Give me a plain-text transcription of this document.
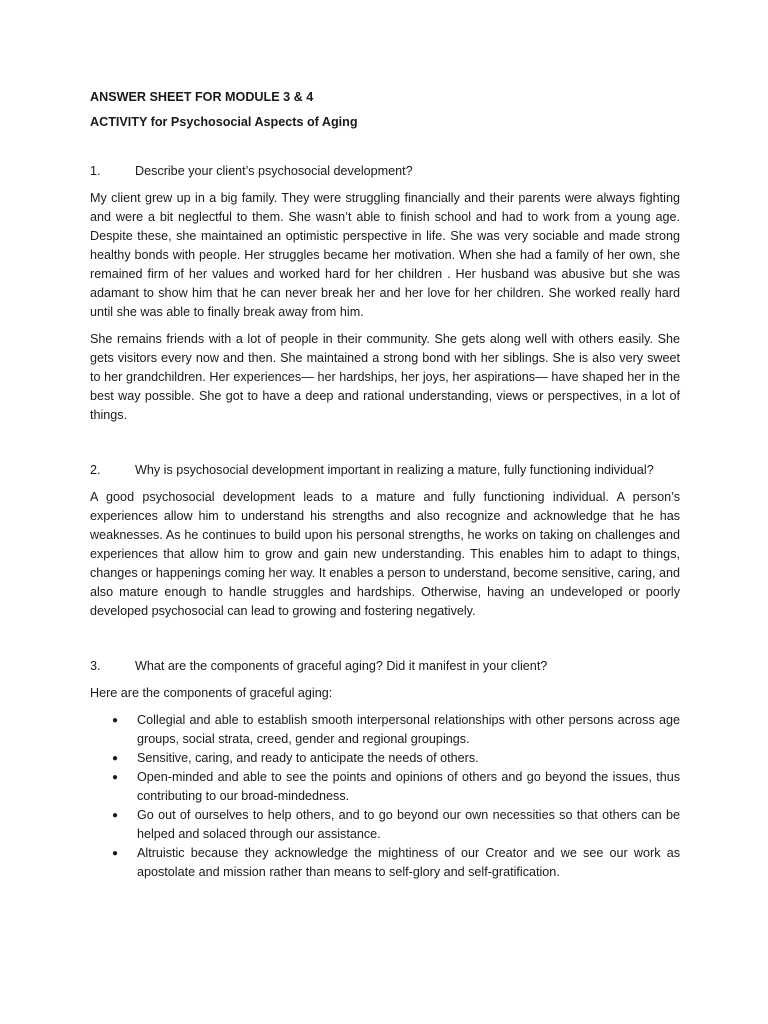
ANSWER SHEET FOR MODULE 3 & 4

ACTIVITY for Psychosocial Aspects of Aging

1.	Describe your client’s psychosocial development?

My client grew up in a big family. They were struggling financially and their parents were always fighting and were a bit neglectful to them. She wasn’t able to finish school and had to work from a young age. Despite these, she maintained an optimistic perspective in life. She was very sociable and made strong healthy bonds with people. Her struggles became her motivation. When she had a family of her own, she remained firm of her values and worked hard for her children . Her husband was abusive but she was adamant to show him that he can never break her and her love for her children. She worked really hard until she was able to finally break away from him.

She remains friends with a lot of people in their community. She gets along well with others easily. She gets visitors every now and then. She maintained a strong bond with her siblings. She is also very sweet to her grandchildren. Her experiences— her hardships, her joys, her aspirations— have shaped her in the best way possible. She got to have a deep and rational understanding, views or perspectives, in a lot of things.

2.	Why is psychosocial development important in realizing a mature, fully functioning individual?

A good psychosocial development leads to a mature and fully functioning individual. A person’s experiences allow him to understand his strengths and also recognize and acknowledge that he has weaknesses. As he continues to build upon his personal strengths, he works on taking on challenges and experiences that allow him to grow and gain new understanding. This enables him to adapt to things, changes or happenings coming her way. It enables a person to understand, become sensitive, caring, and also mature enough to handle struggles and hardships. Otherwise, having an undeveloped or poorly developed psychosocial can lead to growing and fostering negatively.

3.	What are the components of graceful aging? Did it manifest in your client?

Here are the components of graceful aging:

●	Collegial and able to establish smooth interpersonal relationships with other persons across age groups, social strata, creed, gender and regional groupings.
●	Sensitive, caring, and ready to anticipate the needs of others.
●	Open-minded and able to see the points and opinions of others and go beyond the issues, thus contributing to our broad-mindedness.
●	Go out of ourselves to help others, and to go beyond our own necessities so that others can be helped and solaced through our assistance.
●	Altruistic because they acknowledge the mightiness of our Creator and we see our work as apostolate and mission rather than means to self-glory and self-gratification.
